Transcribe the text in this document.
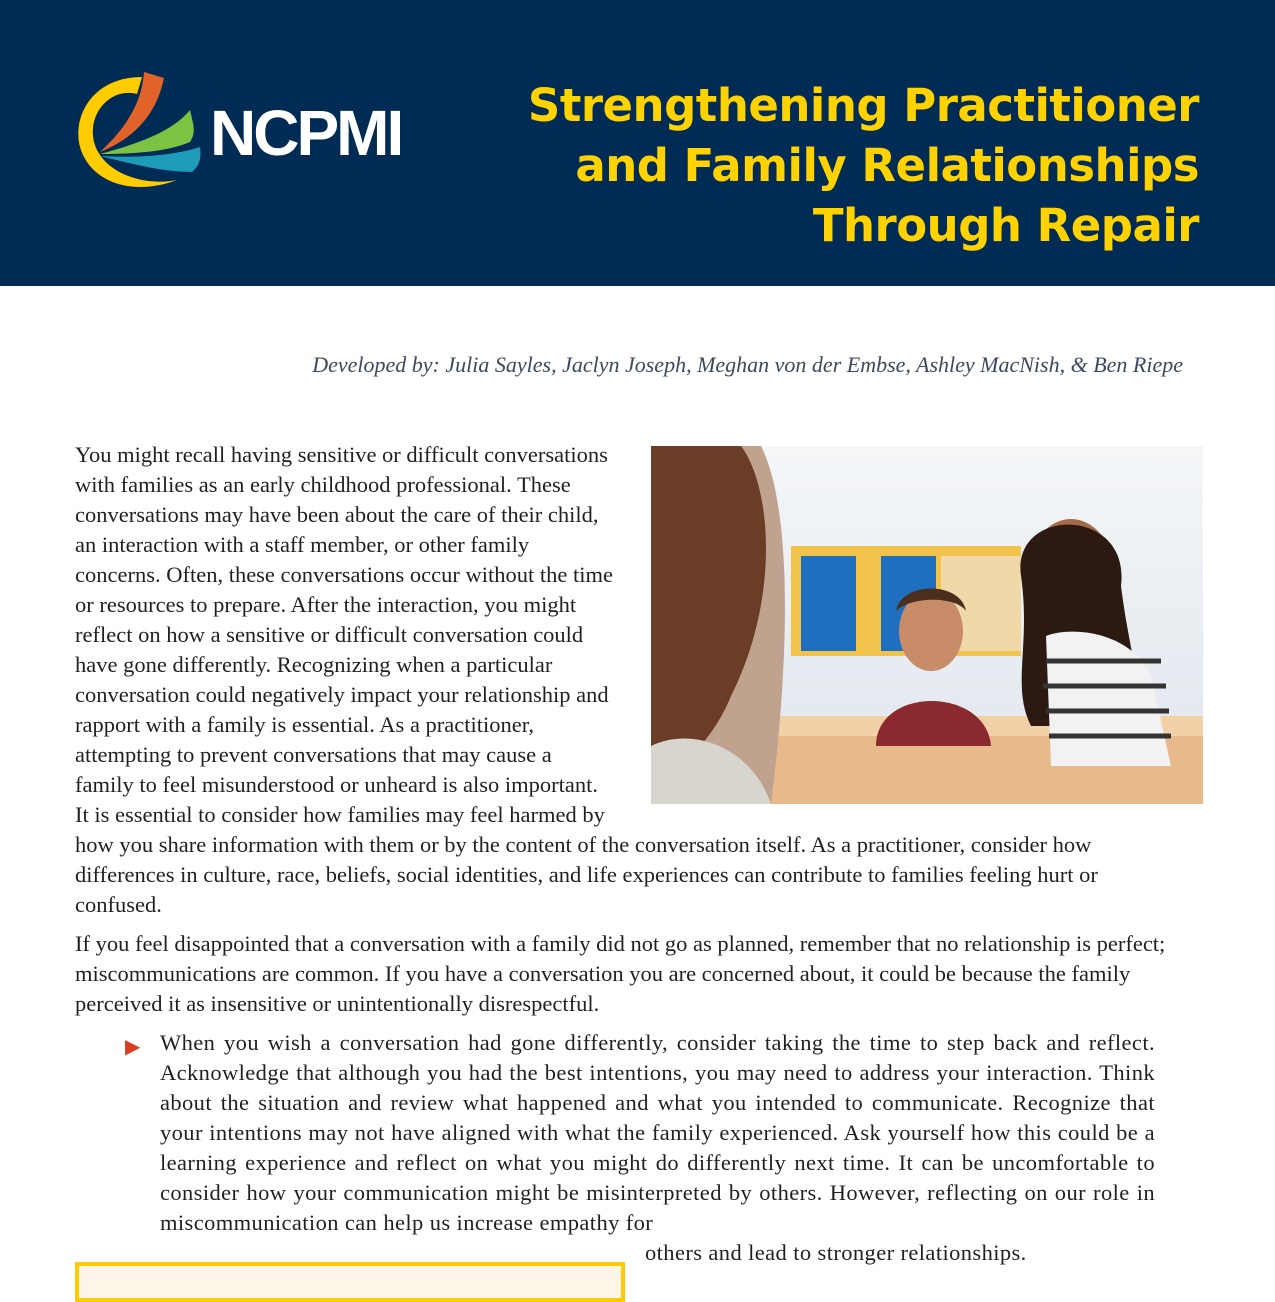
NCPMI	Strengthening Practitioner
and Family Relationships
Through Repair
Developed by: Julia Sayles, Jaclyn Joseph, Meghan von der Embse, Ashley MacNish, & Ben Riepe

You might recall having sensitive or difficult conversations with families as an early childhood professional. These conversations may have been about the care of their child, an interaction with a staff member, or other family concerns. Often, these conversations occur without the time or resources to prepare. After the interaction, you might reflect on how a sensitive or difficult conversation could have gone differently. Recognizing when a particular conversation could negatively impact your relationship and rapport with a family is essential. As a practitioner, attempting to prevent conversations that may cause a family to feel misunderstood or unheard is also important. It is essential to consider how families may feel harmed by how you share information with them or by the content of the conversation itself. As a practitioner, consider how differences in culture, race, beliefs, social identities, and life experiences can contribute to families feeling hurt or confused.

If you feel disappointed that a conversation with a family did not go as planned, remember that no relationship is perfect; miscommunications are common. If you have a conversation you are concerned about, it could be because the family perceived it as insensitive or unintentionally disrespectful.

▶ When you wish a conversation had gone differently, consider taking the time to step back and reflect. Acknowledge that although you had the best intentions, you may need to address your interaction. Think about the situation and review what happened and what you intended to communicate. Recognize that your intentions may not have aligned with what the family experienced. Ask yourself how this could be a learning experience and reflect on what you might do differently next time. It can be uncomfortable to consider how your communication might be misinterpreted by others. However, reflecting on our role in miscommunication can help us increase empathy for
others and lead to stronger relationships.
